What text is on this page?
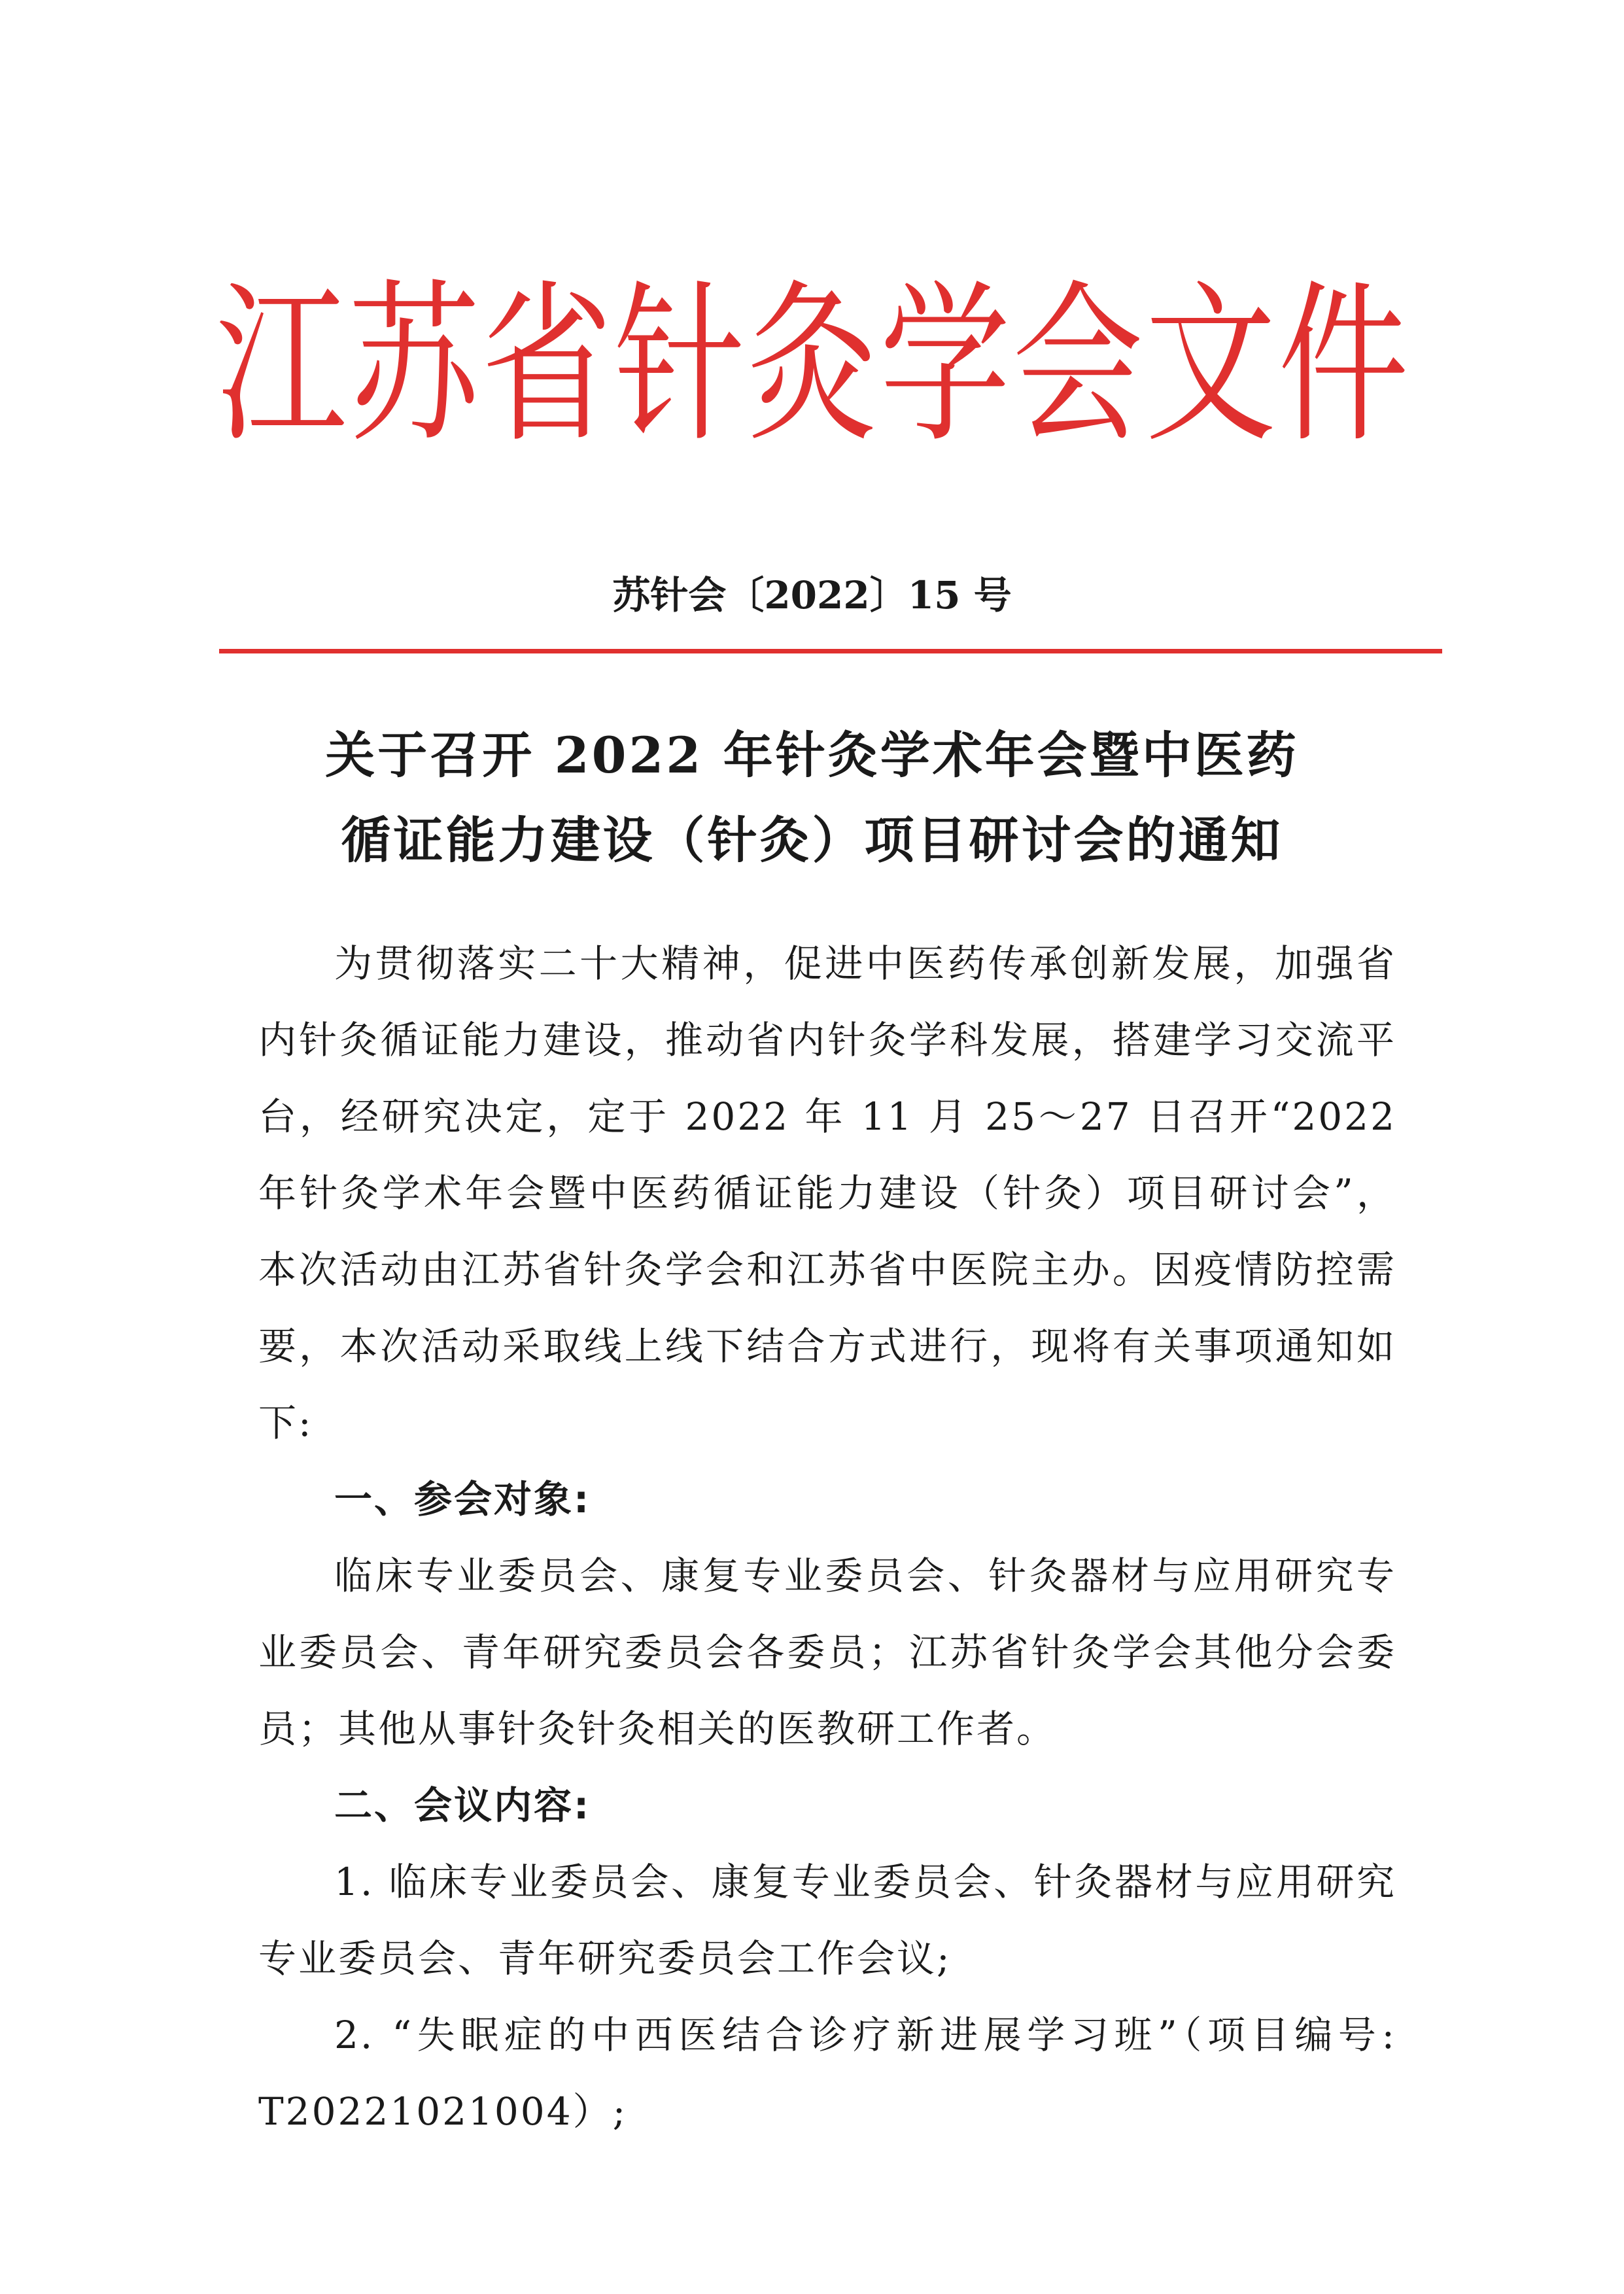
江苏省针灸学会文件
苏针会〔2022〕15 号
关于召开 2022 年针灸学术年会暨中医药
循证能力建设（针灸）项目研讨会的通知

为贯彻落实二十大精神，促进中医药传承创新发展，加强省内针灸循证能力建设，推动省内针灸学科发展，搭建学习交流平台，经研究决定，定于 2022 年 11 月 25～27 日召开“2022 年针灸学术年会暨中医药循证能力建设（针灸）项目研讨会”，本次活动由江苏省针灸学会和江苏省中医院主办。因疫情防控需要，本次活动采取线上线下结合方式进行，现将有关事项通知如下:

一、参会对象:

临床专业委员会、康复专业委员会、针灸器材与应用研究专业委员会、青年研究委员会各委员；江苏省针灸学会其他分会委员；其他从事针灸针灸相关的医教研工作者。

二、会议内容:

1. 临床专业委员会、康复专业委员会、针灸器材与应用研究专业委员会、青年研究委员会工作会议;

2. “失眠症的中西医结合诊疗新进展学习班”（项目编号: T20221021004）;
